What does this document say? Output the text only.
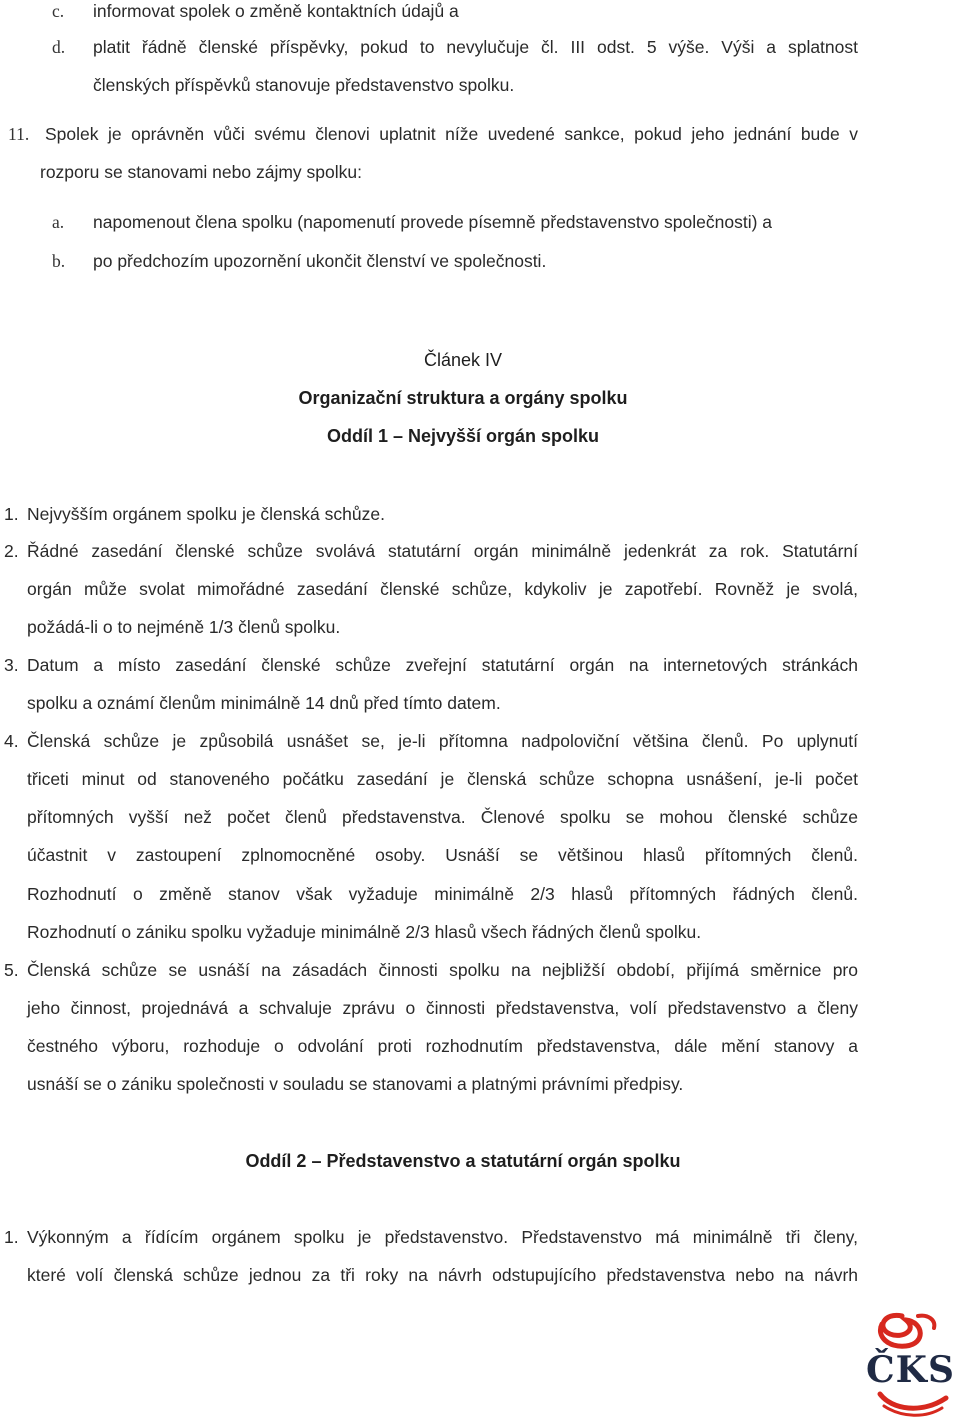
c. informovat spolek o změně kontaktních údajů a
d. platit řádně členské příspěvky, pokud to nevylučuje čl. III odst. 5 výše. Výši a splatnost
členských příspěvků stanovuje představenstvo spolku.
11. Spolek je oprávněn vůči svému členovi uplatnit níže uvedené sankce, pokud jeho jednání bude v
rozporu se stanovami nebo zájmy spolku:
a. napomenout člena spolku (napomenutí provede písemně představenstvo společnosti) a
b. po předchozím upozornění ukončit členství ve společnosti.
Článek IV
Organizační struktura a orgány spolku
Oddíl 1 – Nejvyšší orgán spolku
1. Nejvyšším orgánem spolku je členská schůze.
2. Řádné zasedání členské schůze svolává statutární orgán minimálně jedenkrát za rok. Statutární
orgán může svolat mimořádné zasedání členské schůze, kdykoliv je zapotřebí. Rovněž je svolá,
požádá-li o to nejméně 1/3 členů spolku.
3. Datum a místo zasedání členské schůze zveřejní statutární orgán na internetových stránkách
spolku a oznámí členům minimálně 14 dnů před tímto datem.
4. Členská schůze je způsobilá usnášet se, je-li přítomna nadpoloviční většina členů. Po uplynutí
třiceti minut od stanoveného počátku zasedání je členská schůze schopna usnášení, je-li počet
přítomných vyšší než počet členů představenstva. Členové spolku se mohou členské schůze
účastnit v zastoupení zplnomocněné osoby. Usnáší se většinou hlasů přítomných členů.
Rozhodnutí o změně stanov však vyžaduje minimálně 2/3 hlasů přítomných řádných členů.
Rozhodnutí o zániku spolku vyžaduje minimálně 2/3 hlasů všech řádných členů spolku.
5. Členská schůze se usnáší na zásadách činnosti spolku na nejbližší období, přijímá směrnice pro
jeho činnost, projednává a schvaluje zprávu o činnosti představenstva, volí představenstvo a členy
čestného výboru, rozhoduje o odvolání proti rozhodnutím představenstva, dále mění stanovy a
usnáší se o zániku společnosti v souladu se stanovami a platnými právními předpisy.
Oddíl 2 – Představenstvo a statutární orgán spolku
1. Výkonným a řídícím orgánem spolku je představenstvo. Představenstvo má minimálně tři členy,
které volí členská schůze jednou za tři roky na návrh odstupujícího představenstva nebo na návrh
ČKS
